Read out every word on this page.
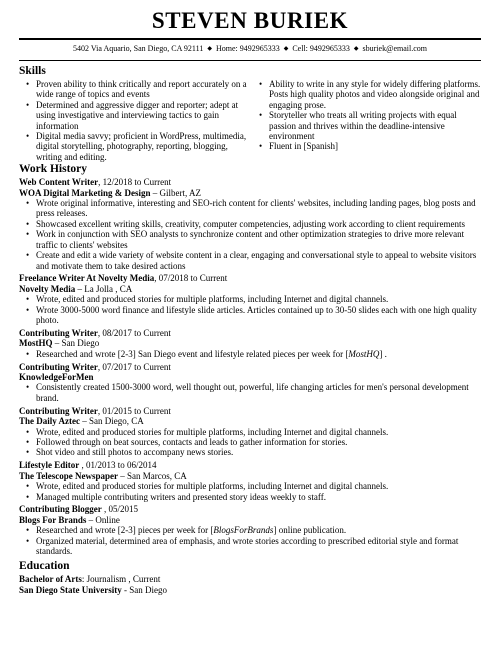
STEVEN BURIEK
5402 Via Aquario, San Diego, CA 92111 ◆ Home: 9492965333 ◆ Cell: 9492965333 ◆ sburiek@email.com
Skills
• Proven ability to think critically and report accurately on a wide range of topics and events
• Determined and aggressive digger and reporter; adept at using investigative and interviewing tactics to gain information
• Digital media savvy; proficient in WordPress, multimedia, digital storytelling, photography, reporting, blogging, writing and editing.
• Ability to write in any style for widely differing platforms. Posts high quality photos and video alongside original and engaging prose.
• Storyteller who treats all writing projects with equal passion and thrives within the deadline-intensive environment
• Fluent in [Spanish]
Work History
Web Content Writer, 12/2018 to Current
WOA Digital Marketing & Design – Gilbert, AZ
• Wrote original informative, interesting and SEO-rich content for clients' websites, including landing pages, blog posts and press releases.
• Showcased excellent writing skills, creativity, computer competencies, adjusting work according to client requirements
• Work in conjunction with SEO analysts to synchronize content and other optimization strategies to drive more relevant traffic to clients' websites
• Create and edit a wide variety of website content in a clear, engaging and conversational style to appeal to website visitors and motivate them to take desired actions
Freelance Writer At Novelty Media, 07/2018 to Current
Novelty Media – La Jolla , CA
• Wrote, edited and produced stories for multiple platforms, including Internet and digital channels.
• Wrote 3000-5000 word finance and lifestyle slide articles. Articles contained up to 30-50 slides each with one high quality photo.
Contributing Writer, 08/2017 to Current
MostHQ – San Diego
• Researched and wrote [2-3] San Diego event and lifestyle related pieces per week for [MostHQ] .
Contributing Writer, 07/2017 to Current
KnowledgeForMen
• Consistently created 1500-3000 word, well thought out, powerful, life changing articles for men's personal development brand.
Contributing Writer, 01/2015 to Current
The Daily Aztec – San Diego, CA
• Wrote, edited and produced stories for multiple platforms, including Internet and digital channels.
• Followed through on beat sources, contacts and leads to gather information for stories.
• Shot video and still photos to accompany news stories.
Lifestyle Editor , 01/2013 to 06/2014
The Telescope Newspaper – San Marcos, CA
• Wrote, edited and produced stories for multiple platforms, including Internet and digital channels.
• Managed multiple contributing writers and presented story ideas weekly to staff.
Contributing Blogger , 05/2015
Blogs For Brands – Online
• Researched and wrote [2-3] pieces per week for [BlogsForBrands] online publication.
• Organized material, determined area of emphasis, and wrote stories according to prescribed editorial style and format standards.
Education
Bachelor of Arts: Journalism , Current
San Diego State University - San Diego
